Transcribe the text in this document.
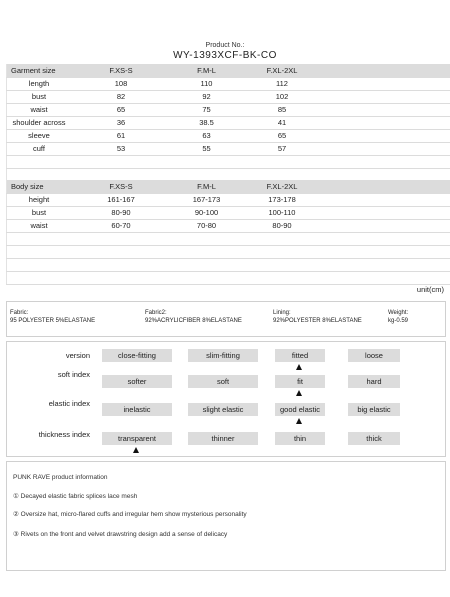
Product No.:
WY-1393XCF-BK-CO
Garment size	F.XS-S	F.M-L	F.XL-2XL	
length	108	110	112	
bust	82	92	102	
waist	65	75	85	
shoulder across	36	38.5	41	
sleeve	61	63	65	
cuff	53	55	57	

Body size	F.XS-S	F.M-L	F.XL-2XL	
height	161-167	167-173	173-178	
bust	80-90	90-100	100-110	
waist	60-70	70-80	80-90	

unit(cm)
Fabric:
95 POLYESTER 5%ELASTANE
Fabric2:
92%ACRYLICFIBER 8%ELASTANE
Lining:
92%POLYESTER 8%ELASTANE
Weight:
kg-0.59
version	close-fitting	slim-fitting	fitted	loose
soft index
softer	soft	fit	hard
elastic index
inelastic	slight elastic	good elastic	big elastic
thickness index	transparent	thinner	thin	thick
PUNK RAVE product information
① Decayed elastic fabric splices lace mesh
② Oversize hat, micro-flared cuffs and irregular hem show mysterious personality
③ Rivets on the front and velvet drawstring design add a sense of delicacy
